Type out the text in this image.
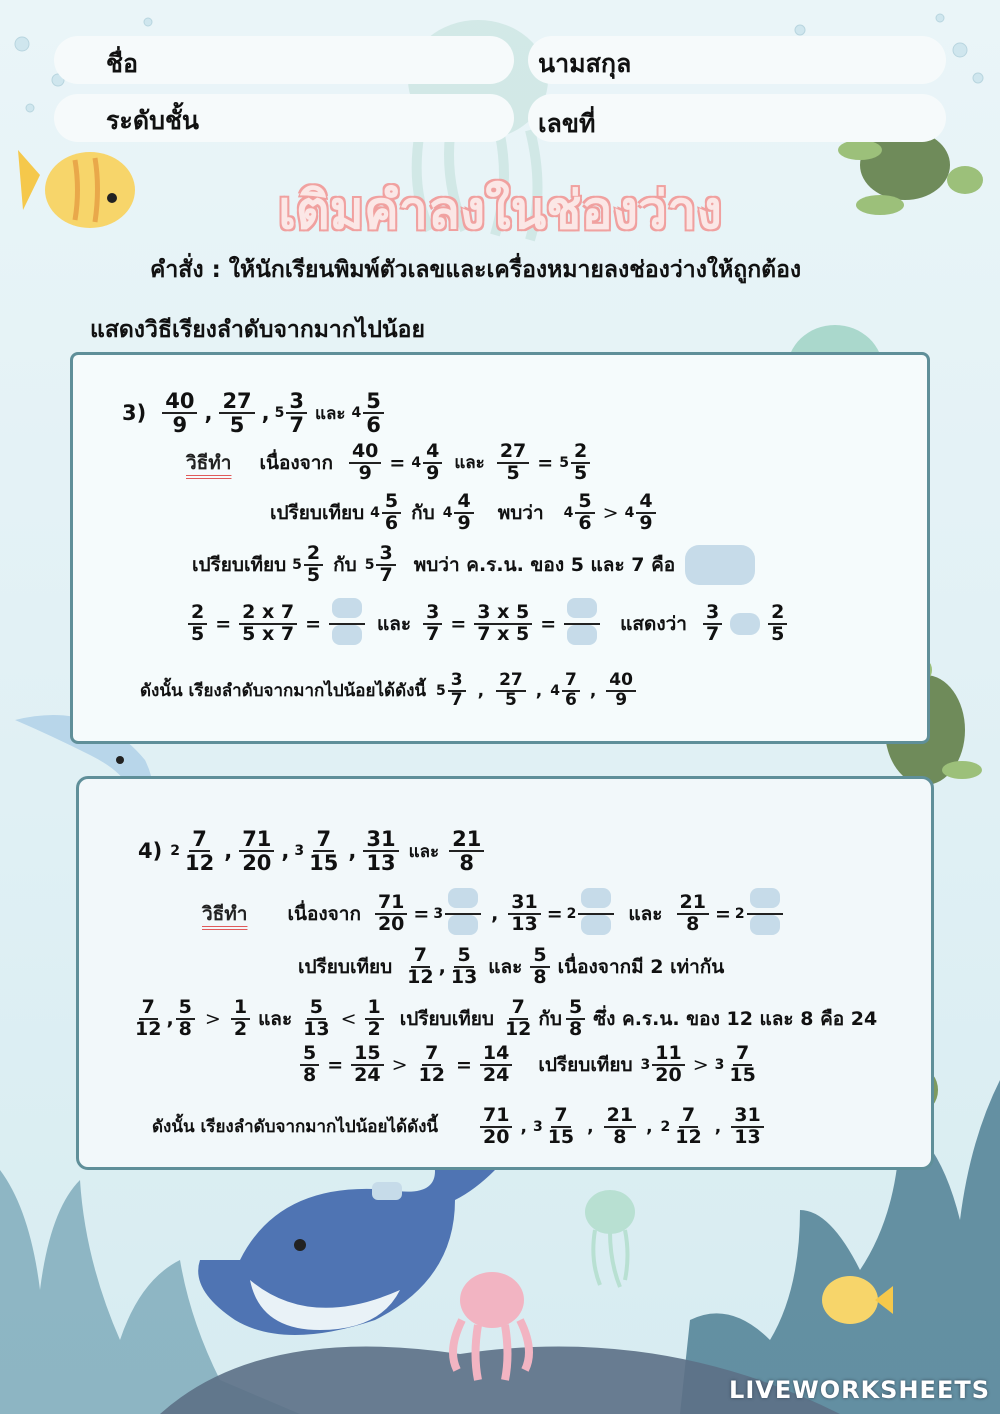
ชื่อ	นามสกุล
ระดับชั้น	เลขที่
เติมคำลงในช่องว่าง
คำสั่ง : ให้นักเรียนพิมพ์ตัวเลขและเครื่องหมายลงช่องว่างให้ถูกต้อง
แสดงวิธีเรียงลำดับจากมากไปน้อย
$3) \frac{40}{9}$ , $\frac{27}{5}$ , $5 \frac{3}{7}$ และ $4 \frac{5}{6}$
วิธีทำ เนื่องจาก $\frac{40}{9} = 4 \frac{4}{9}$ และ $\frac{27}{5} = 5 \frac{2}{5}$
เปรียบเทียบ $4 \frac{5}{6}$ กับ $4 \frac{4}{9}$ พบว่า $4 \frac{5}{6} > 4 \frac{4}{9}$
เปรียบเทียบ $5 \frac{2}{5}$ กับ $5 \frac{3}{7}$ พบว่า ค.ร.น. ของ 5 และ 7 คือ
$\frac{2}{5} = \frac{2 x 7}{5 x 7}$ =	และ $\frac{3}{7} = \frac{3 x 5}{7 x 5}$ =	แสดงว่า $\frac{3}{7} \frac{2}{5}$
ดังนั้น เรียงลำดับจากมากไปน้อยได้ดังนี้ $5 \frac{3}{7}$ , $\frac{27}{5}$ , $4 \frac{7}{6}$ , $\frac{40}{9}$
4) $2 \frac{7}{12}$ , $\frac{71}{20}$ , $3 \frac{7}{15}$ , $\frac{31}{13}$ และ $\frac{21}{8}$
วิธีทำ เนื่องจาก $\frac{71}{20} = 3$	, $\frac{31}{13} = 2$	และ $\frac{21}{8} = 2$
เปรียบเทียบ $\frac{7}{12}$ , $\frac{5}{13}$ และ $\frac{5}{8}$ เนื่องจากมี 2 เท่ากัน
$\frac{7}{12}$ , $\frac{5}{8} > \frac{1}{2}$ และ $\frac{5}{13} < \frac{1}{2}$ เปรียบเทียบ $\frac{7}{12}$ กับ $\frac{5}{8}$ ซึ่ง ค.ร.น. ของ 12 และ 8 คือ 24
$\frac{5}{8} = \frac{15}{24} > \frac{7}{12} = \frac{14}{24}$ เปรียบเทียบ $3 \frac{11}{20} > 3 \frac{7}{15}$
ดังนั้น เรียงลำดับจากมากไปน้อยได้ดังนี้ $\frac{71}{20}$ , $3 \frac{7}{15}$ , $\frac{21}{8}$ , $2 \frac{7}{12}$ , $\frac{31}{13}$
LIVEWORKSHEETS
